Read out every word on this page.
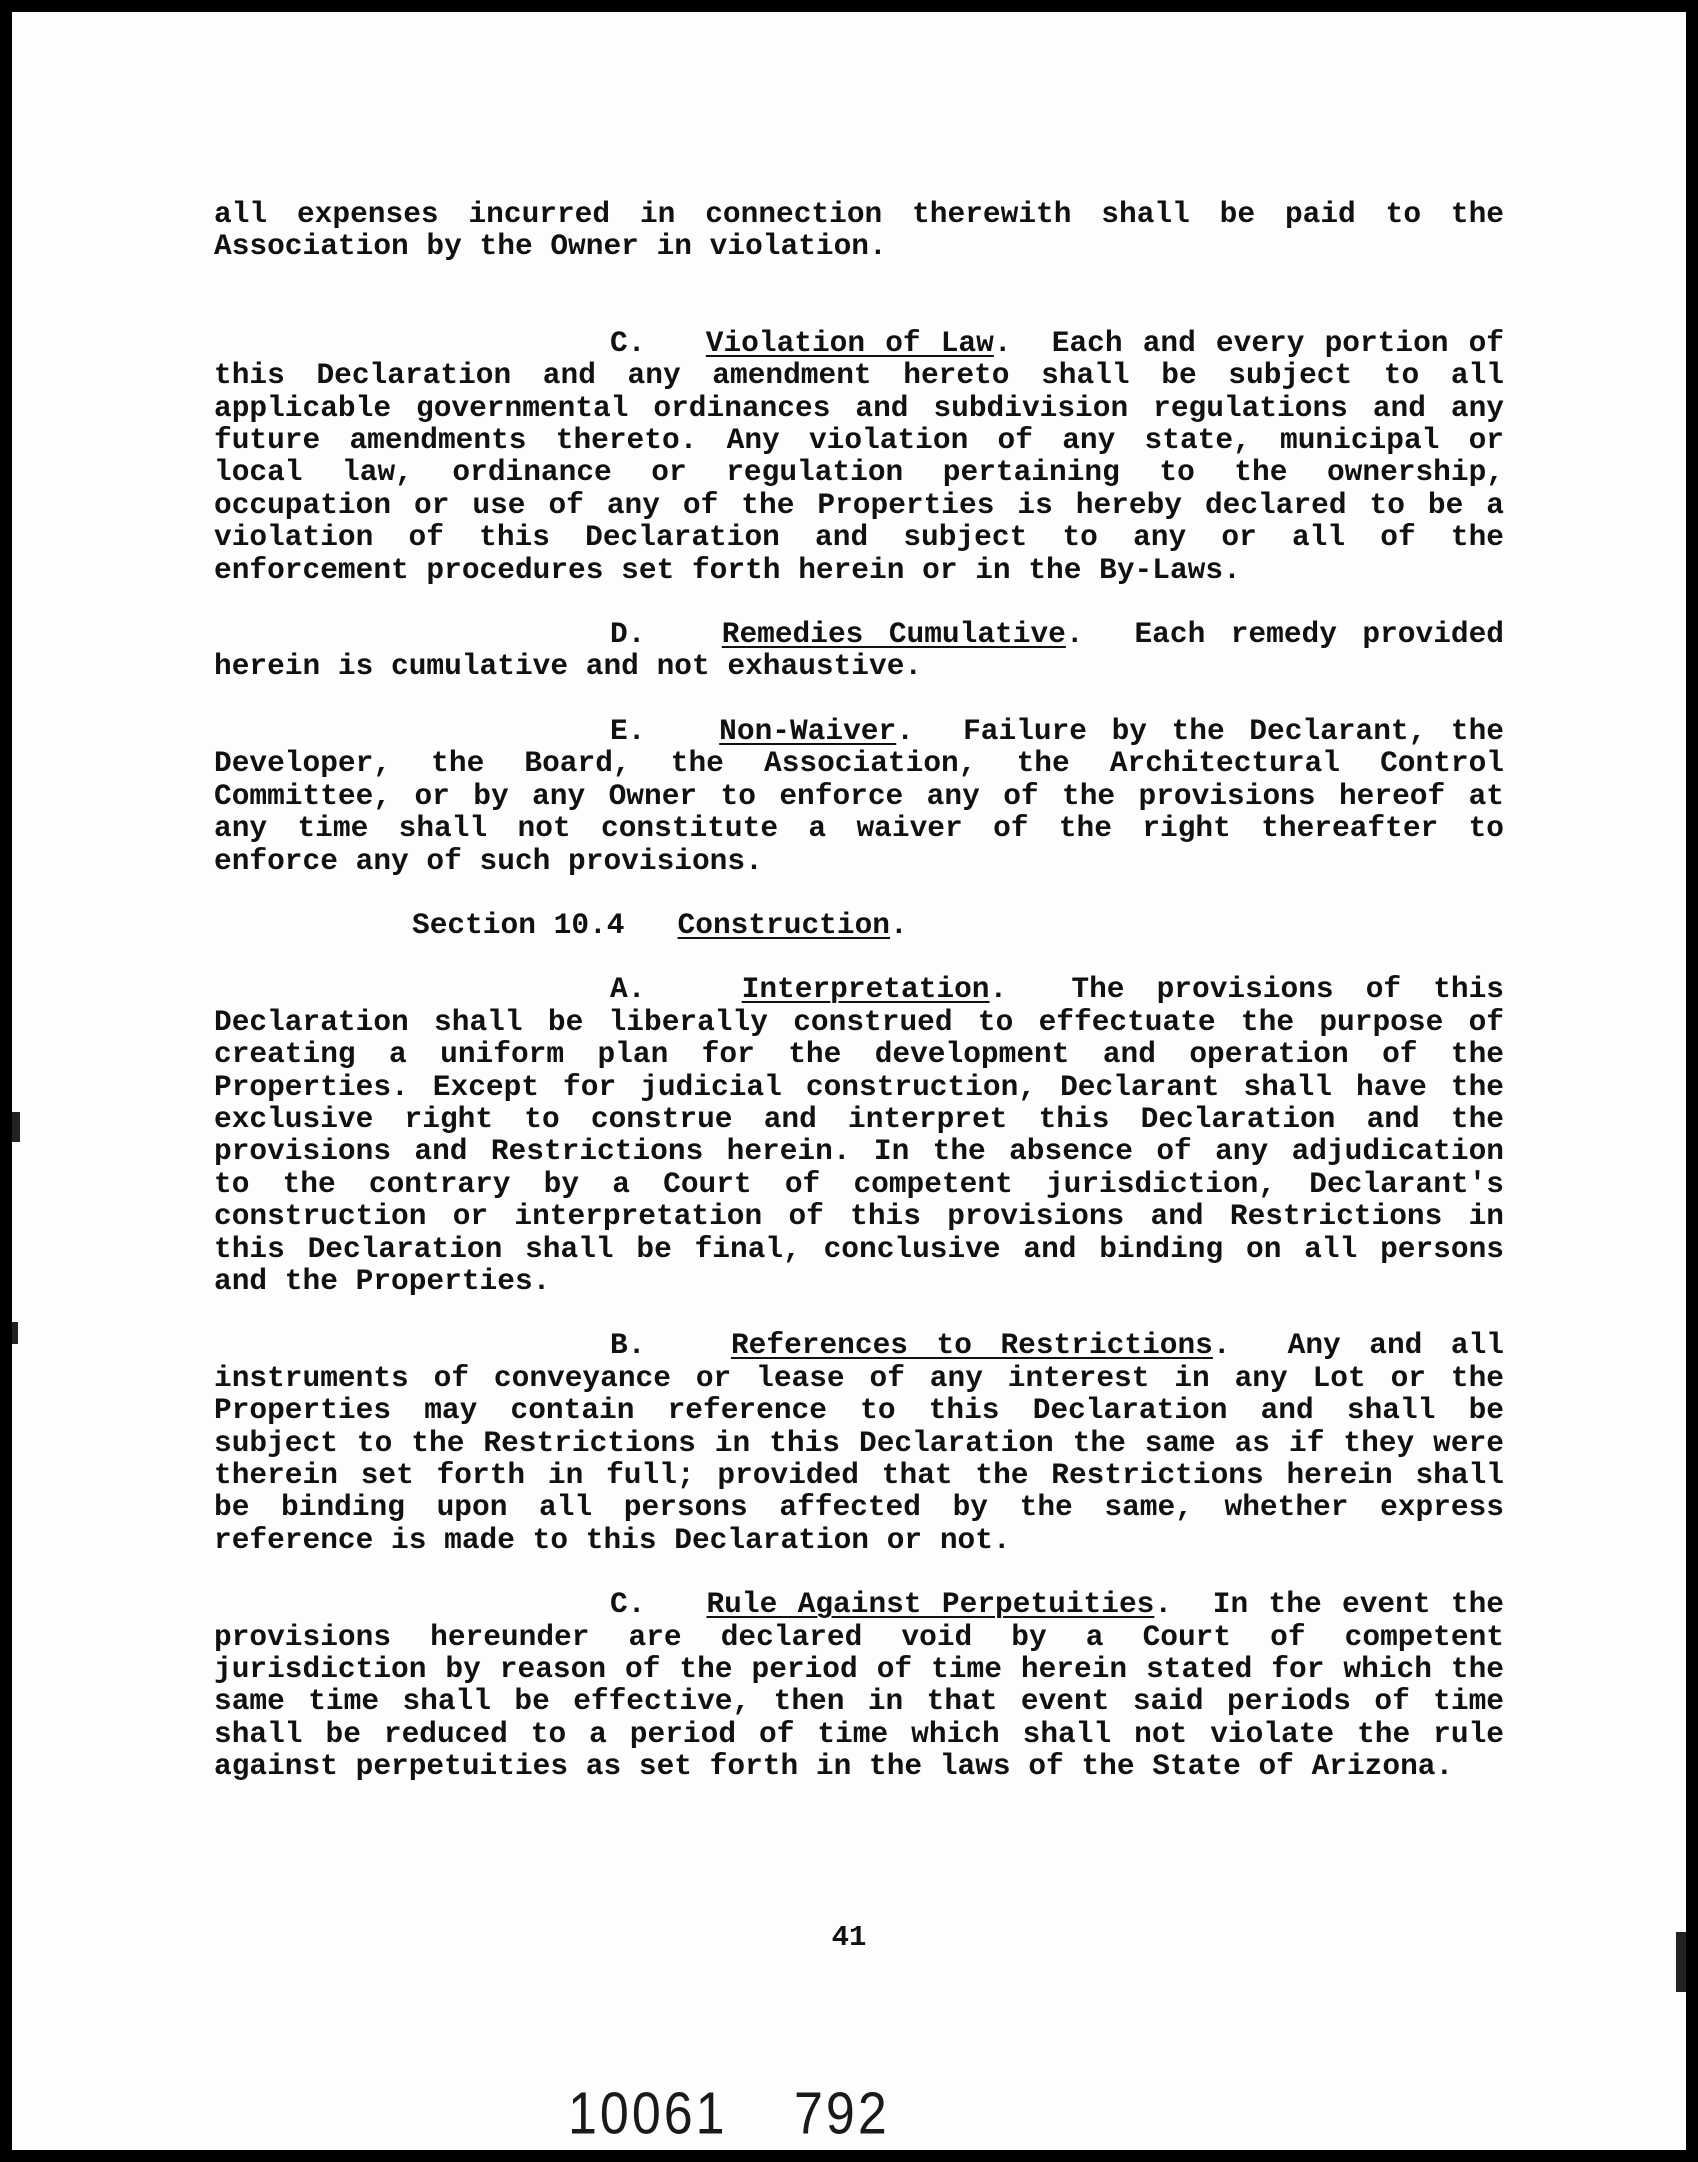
all expenses incurred in connection therewith shall be paid to the Association by the Owner in violation.

C. Violation of Law.  Each and every portion of this Declaration and any amendment hereto shall be subject to all applicable governmental ordinances and subdivision regulations and any future amendments thereto. Any violation of any state, municipal or local law, ordinance or regulation pertaining to the ownership, occupation or use of any of the Properties is hereby declared to be a violation of this Declaration and subject to any or all of the enforcement procedures set forth herein or in the By-Laws.

D.	Remedies Cumulative.  Each remedy provided herein is cumulative and not exhaustive.

E.	Non-Waiver.  Failure by the Declarant, the Developer, the Board, the Association, the Architectural Control Committee, or by any Owner to enforce any of the provisions hereof at any time shall not constitute a waiver of the right thereafter to enforce any of such provisions.

Section 10.4 Construction.

A.	Interpretation.  The provisions of this Declaration shall be liberally construed to effectuate the purpose of creating a uniform plan for the development and operation of the Properties. Except for judicial construction, Declarant shall have the exclusive right to construe and interpret this Declaration and the provisions and Restrictions herein. In the absence of any adjudication to the contrary by a Court of competent jurisdiction, Declarant's construction or interpretation of this provisions and Restrictions in this Declaration shall be final, conclusive and binding on all persons and the Properties.

B.	References to Restrictions.  Any and all instruments of conveyance or lease of any interest in any Lot or the Properties may contain reference to this Declaration and shall be subject to the Restrictions in this Declaration the same as if they were therein set forth in full; provided that the Restrictions herein shall be binding upon all persons affected by the same, whether express reference is made to this Declaration or not.

C. Rule Against Perpetuities.  In the event the provisions hereunder are declared void by a Court of competent jurisdiction by reason of the period of time herein stated for which the same time shall be effective, then in that event said periods of time shall be reduced to a period of time which shall not violate the rule against perpetuities as set forth in the laws of the State of Arizona.

41
10061 792
